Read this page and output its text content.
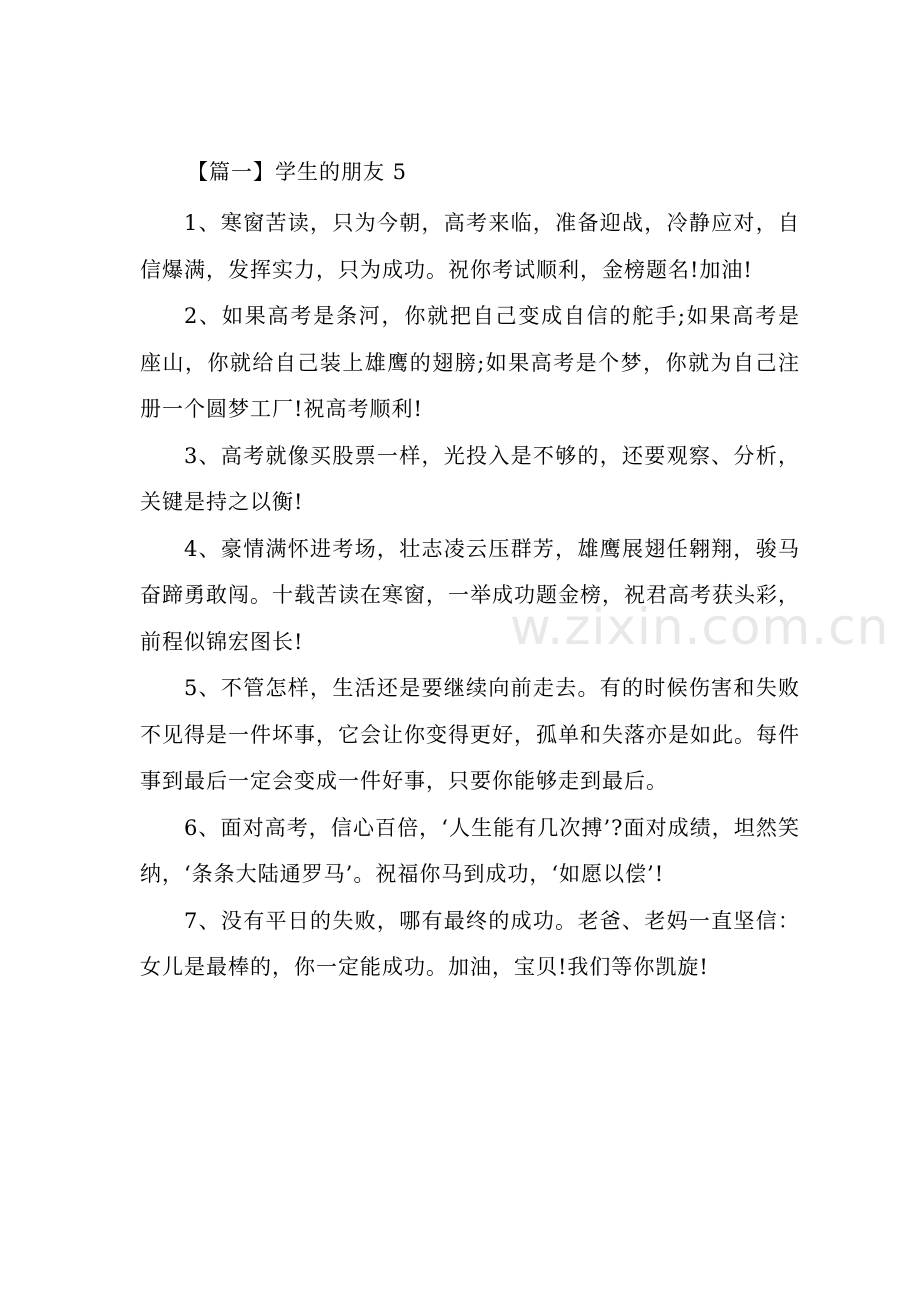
【篇一】学生的朋友 5

1、寒窗苦读，只为今朝，高考来临，准备迎战，冷静应对，自信爆满，发挥实力，只为成功。祝你考试顺利，金榜题名!加油!

2、如果高考是条河，你就把自己变成自信的舵手;如果高考是座山，你就给自己装上雄鹰的翅膀;如果高考是个梦，你就为自己注册一个圆梦工厂!祝高考顺利!

3、高考就像买股票一样，光投入是不够的，还要观察、分析，关键是持之以衡!

4、豪情满怀进考场，壮志凌云压群芳，雄鹰展翅任翱翔，骏马奋蹄勇敢闯。十载苦读在寒窗，一举成功题金榜，祝君高考获头彩，前程似锦宏图长!

5、不管怎样，生活还是要继续向前走去。有的时候伤害和失败不见得是一件坏事，它会让你变得更好，孤单和失落亦是如此。每件事到最后一定会变成一件好事，只要你能够走到最后。

6、面对高考，信心百倍，‘人生能有几次搏’?面对成绩，坦然笑纳，‘条条大陆通罗马’。祝福你马到成功，‘如愿以偿’!

7、没有平日的失败，哪有最终的成功。老爸、老妈一直坚信：女儿是最棒的，你一定能成功。加油，宝贝!我们等你凯旋!

w.zixin.com.cn
